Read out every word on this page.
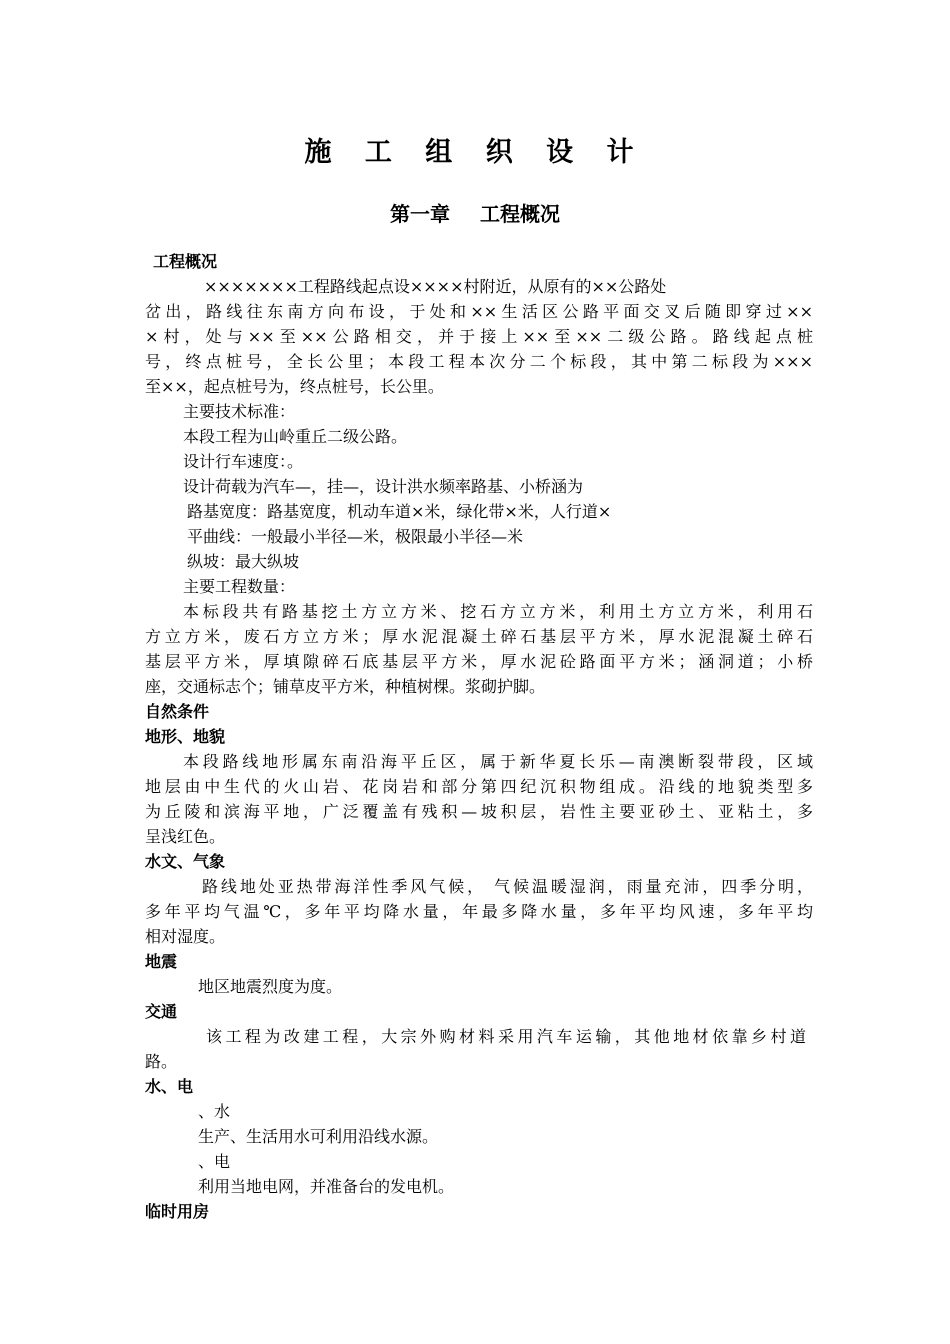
施 工 组 织 设 计
第一章 工程概况
工程概况
×××××××工程路线起点设××××村附近，从原有的××公路处
岔出，路线往东南方向布设，于处和××生活区公路平面交叉后随即穿过××
×村，处与××至××公路相交，并于接上××至××二级公路。路线起点桩
号，终点桩号，全长公里；本段工程本次分二个标段，其中第二标段为×××
至××，起点桩号为，终点桩号，长公里。
主要技术标准：
本段工程为山岭重丘二级公路。
设计行车速度：。
设计荷载为汽车—，挂—，设计洪水频率路基、小桥涵为
路基宽度：路基宽度，机动车道×米，绿化带×米，人行道×
平曲线：一般最小半径—米，极限最小半径—米
纵坡：最大纵坡
主要工程数量：
本标段共有路基挖土方立方米、挖石方立方米，利用土方立方米，利用石
方立方米，废石方立方米；厚水泥混凝土碎石基层平方米，厚水泥混凝土碎石
基层平方米，厚填隙碎石底基层平方米，厚水泥砼路面平方米；涵洞道；小桥
座，交通标志个；铺草皮平方米，种植树棵。浆砌护脚。
自然条件
地形、地貌
本段路线地形属东南沿海平丘区，属于新华夏长乐—南澳断裂带段，区域
地层由中生代的火山岩、花岗岩和部分第四纪沉积物组成。沿线的地貌类型多
为丘陵和滨海平地，广泛覆盖有残积—坡积层，岩性主要亚砂土、亚粘土，多
呈浅红色。
水文、气象
路线地处亚热带海洋性季风气候， 气候温暖湿润，雨量充沛，四季分明，
多年平均气温℃，多年平均降水量，年最多降水量，多年平均风速，多年平均
相对湿度。
地震
地区地震烈度为度。
交通
该工程为改建工程，大宗外购材料采用汽车运输，其他地材依靠乡村道
路。
水、电
、水
生产、生活用水可利用沿线水源。
、电
利用当地电网，并准备台的发电机。
临时用房
